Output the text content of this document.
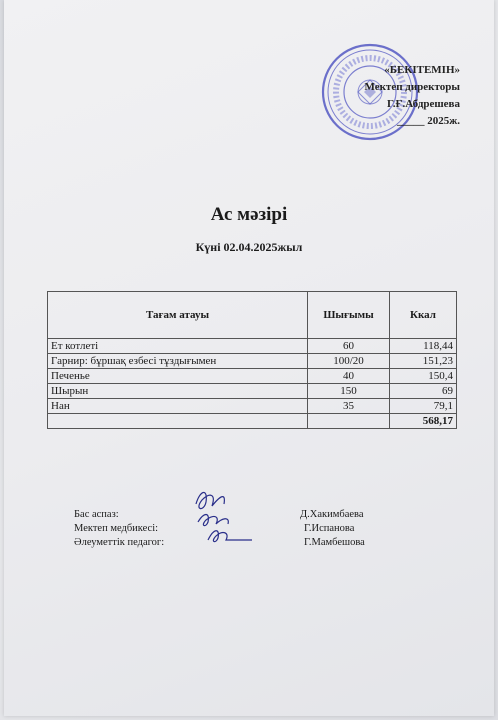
«БЕКІТЕМІН»
Мектеп директоры
Г.Ғ.Абдрешева
_____ 2025ж.
Ас мәзірі
Күні 02.04.2025жыл
Тағам атауы	Шығымы	Ккал
Ет котлеті	60	118,44
Гарнир: бұршақ езбесі тұздығымен	100/20	151,23
Печенье	40	150,4
Шырын	150	69
Нан	35	79,1
		568,17
Бас аспаз:	Д.Хакимбаева
Мектеп медбикесі:	Г.Испанова
Әлеуметтік педагог:	Г.Мамбешова
